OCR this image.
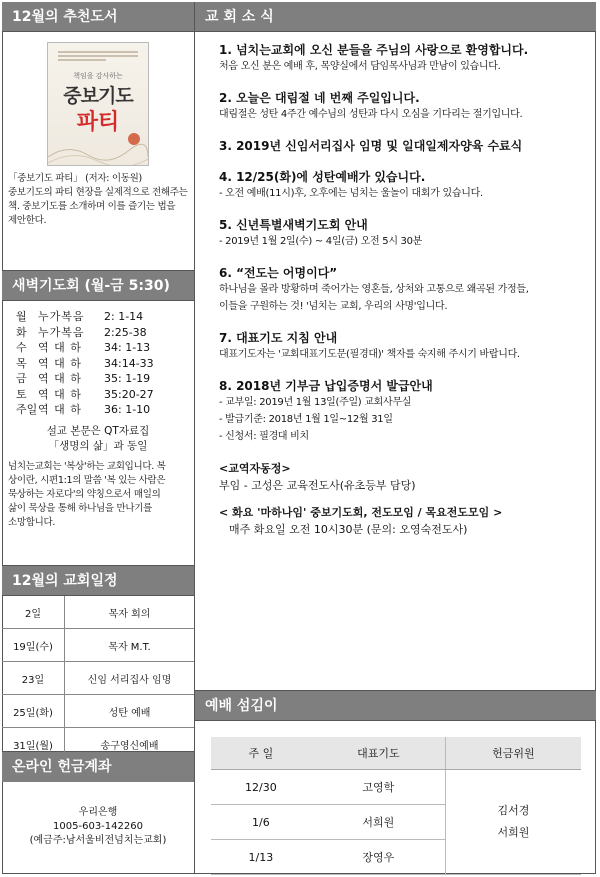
12월의 추천도서
책임을 감사하는
중보기도
파티
「중보기도 파티」 (저자: 이동원)
중보기도의 파티 현장을 실제적으로 전해주는
책. 중보기도를 소개하며 이를 즐기는 법을
제안한다.
새벽기도회 (월-금 5:30)
월	누가복음	2: 1-14
화	누가복음	2:25-38
수	역 대 하	34: 1-13
목	역 대 하	34:14-33
금	역 대 하	35: 1-19
토	역 대 하	35:20-27
주일 역 대 하	36: 1-10
설교 본문은 QT자료집
「생명의 삶」과 동일
넘치는교회는 '복상'하는 교회입니다. 복
상이란, 시편1:1의 말씀 '복 있는 사람은
묵상하는 자로다'의 약칭으로서 매일의
삶이 묵상을 통해 하나님을 만나기를
소망합니다.
12월의 교회일정
2일	목자 회의
19일(수)	목자 M.T.
23일	신임 서리집사 임명
25일(화)	성탄 예배
31일(월)	송구영신예배
온라인 헌금계좌
우리은행
1005-603-142260
(예금주:남서울비전넘치는교회)
교 회 소 식
1. 넘치는교회에 오신 분들을 주님의 사랑으로 환영합니다.
처음 오신 분은 예배 후, 목양실에서 담임목사님과 만남이 있습니다.
2. 오늘은 대림절 네 번째 주일입니다.
대림절은 성탄 4주간 예수님의 성탄과 다시 오심을 기다리는 절기입니다.
3. 2019년 신임서리집사 임명 및 일대일제자양육 수료식
4. 12/25(화)에 성탄예배가 있습니다.
- 오전 예배(11시)후, 오후에는 넘치는 울놀이 대회가 있습니다.
5. 신년특별새벽기도회 안내
- 2019년 1월 2일(수) ~ 4일(금) 오전 5시 30분
6. “전도는 어명이다”
하나님을 몰라 방황하며 죽어가는 영혼들, 상처와 고통으로 왜곡된 가정들,
이들을 구원하는 것! '넘치는 교회, 우리의 사명'입니다.
7. 대표기도 지침 안내
대표기도자는 '교회대표기도문(필경대)' 책자를 숙지해 주시기 바랍니다.
8. 2018년 기부금 납입증명서 발급안내
- 교부일: 2019년 1월 13일(주일) 교회사무실
- 발급기준: 2018년 1월 1일~12월 31일
- 신청서: 필경대 비치
<교역자동정>
부임 - 고성은 교육전도사(유초등부 담당)
< 화요 '마하나임' 중보기도회, 전도모임 / 목요전도모임 >
매주 화요일 오전 10시30분 (문의: 오영숙전도사)
예배 섬김이
주 일	대표기도	헌금위원
12/30	고영학	김서경
서희원

1/6	서희원	
1/13	장영우	
